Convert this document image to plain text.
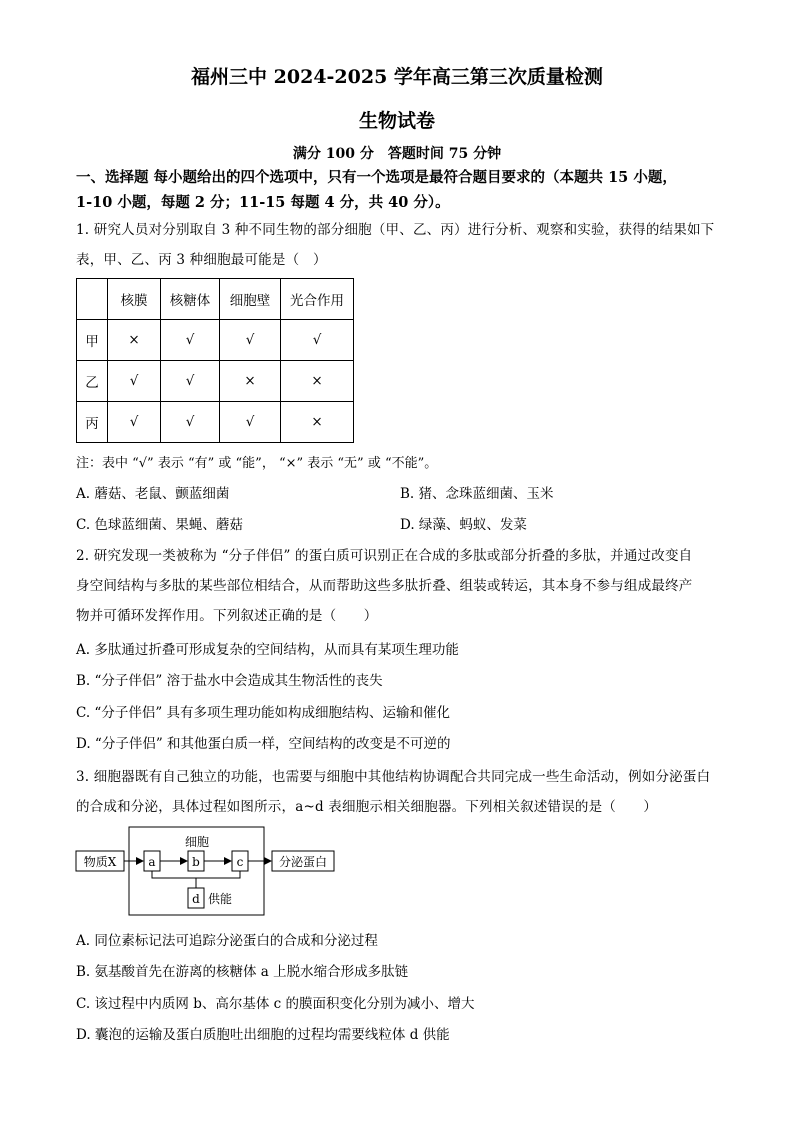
福州三中 2024-2025 学年高三第三次质量检测
生物试卷
满分 100 分　答题时间 75 分钟
一、选择题 每小题给出的四个选项中，只有一个选项是最符合题目要求的（本题共 15 小题，
1-10 小题，每题 2 分；11-15 每题 4 分，共 40 分）。
1. 研究人员对分别取自 3 种不同生物的部分细胞（甲、乙、丙）进行分析、观察和实验，获得的结果如下
表，甲、乙、丙 3 种细胞最可能是（　）
	核膜	核糖体	细胞壁	光合作用
甲	×	√	√	√
乙	√	√	×	×
丙	√	√	√	×
注：表中 “√” 表示 “有” 或 “能”， “×” 表示 “无” 或 “不能”。
A. 蘑菇、老鼠、颤蓝细菌	B. 猪、念珠蓝细菌、玉米
C. 色球蓝细菌、果蝇、蘑菇	D. 绿藻、蚂蚁、发菜
2. 研究发现一类被称为 “分子伴侣” 的蛋白质可识别正在合成的多肽或部分折叠的多肽，并通过改变自
身空间结构与多肽的某些部位相结合，从而帮助这些多肽折叠、组装或转运，其本身不参与组成最终产
物并可循环发挥作用。下列叙述正确的是（　　）
A. 多肽通过折叠可形成复杂的空间结构，从而具有某项生理功能
B. “分子伴侣” 溶于盐水中会造成其生物活性的丧失
C. “分子伴侣” 具有多项生理功能如构成细胞结构、运输和催化
D. “分子伴侣” 和其他蛋白质一样，空间结构的改变是不可逆的
3. 细胞器既有自己独立的功能，也需要与细胞中其他结构协调配合共同完成一些生命活动，例如分泌蛋白
的合成和分泌，具体过程如图所示，a~d 表细胞示相关细胞器。下列相关叙述错误的是（　　）
细胞
物质X	a	b	c	分泌蛋白
d 供能
A. 同位素标记法可追踪分泌蛋白的合成和分泌过程
B. 氨基酸首先在游离的核糖体 a 上脱水缩合形成多肽链
C. 该过程中内质网 b、高尔基体 c 的膜面积变化分别为减小、增大
D. 囊泡的运输及蛋白质胞吐出细胞的过程均需要线粒体 d 供能
